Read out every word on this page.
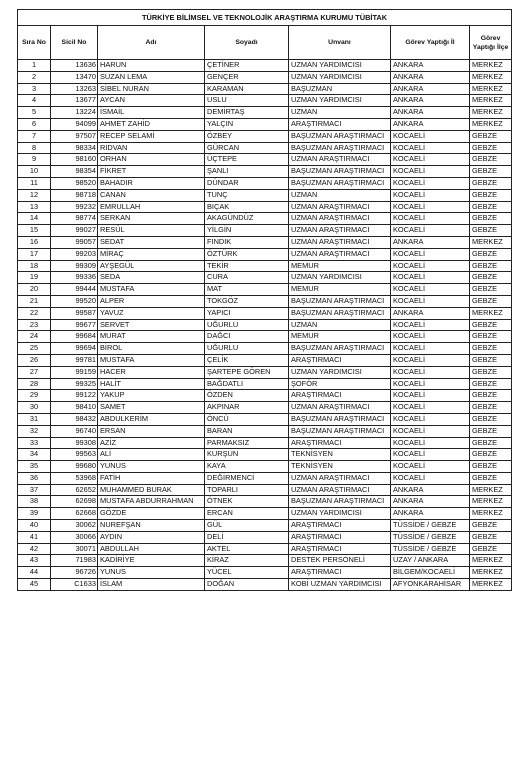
TÜRKİYE BİLİMSEL VE TEKNOLOJİK ARAŞTIRMA KURUMU TÜBİTAK						
Sıra No	Sicil No	Adı	Soyadı	Unvanı	Görev Yaptığı İl	Görev Yaptığı İlçe
1	13636	HARUN	ÇETİNER	UZMAN YARDIMCISI	ANKARA	MERKEZ
2	13470	SUZAN LEMA	GENÇER	UZMAN YARDIMCISI	ANKARA	MERKEZ
3	13263	SİBEL NURAN	KARAMAN	BAŞUZMAN	ANKARA	MERKEZ
4	13677	AYCAN	USLU	UZMAN YARDIMCISI	ANKARA	MERKEZ
5	13224	İSMAİL	DEMİRTAŞ	UZMAN	ANKARA	MERKEZ
6	94099	AHMET ZAHİD	YALÇIN	ARAŞTIRMACI	ANKARA	MERKEZ
7	97507	RECEP SELAMİ	ÖZBEY	BAŞUZMAN ARAŞTIRMACI	KOCAELİ	GEBZE
8	98334	RIDVAN	GÜRCAN	BAŞUZMAN ARAŞTIRMACI	KOCAELİ	GEBZE
9	98160	ORHAN	ÜÇTEPE	UZMAN ARAŞTIRMACI	KOCAELİ	GEBZE
10	98354	FİKRET	ŞANLI	BAŞUZMAN ARAŞTIRMACI	KOCAELİ	GEBZE
11	98520	BAHADIR	DÜNDAR	BAŞUZMAN ARAŞTIRMACI	KOCAELİ	GEBZE
12	98718	CANAN	TUNÇ	UZMAN	KOCAELİ	GEBZE
13	99232	EMRULLAH	BIÇAK	UZMAN ARAŞTIRMACI	KOCAELİ	GEBZE
14	98774	SERKAN	AKAGÜNDÜZ	UZMAN ARAŞTIRMACI	KOCAELİ	GEBZE
15	99027	RESÜL	YİLGİN	UZMAN ARAŞTIRMACI	KOCAELİ	GEBZE
16	99057	SEDAT	FINDIK	UZMAN ARAŞTIRMACI	ANKARA	MERKEZ
17	99203	MİRAÇ	ÖZTÜRK	UZMAN ARAŞTIRMACI	KOCAELİ	GEBZE
18	99309	AYŞEGÜL	TEKİR	MEMUR	KOCAELİ	GEBZE
19	99336	SEDA	CURA	UZMAN YARDIMCISI	KOCAELİ	GEBZE
20	99444	MUSTAFA	MAT	MEMUR	KOCAELİ	GEBZE
21	99520	ALPER	TOKGÖZ	BAŞUZMAN ARAŞTIRMACI	KOCAELİ	GEBZE
22	99587	YAVUZ	YAPICI	BAŞUZMAN ARAŞTIRMACI	ANKARA	MERKEZ
23	99677	SERVET	UĞURLU	UZMAN	KOCAELİ	GEBZE
24	99684	MURAT	DAĞCI	MEMUR	KOCAELİ	GEBZE
25	99694	BİROL	UĞURLU	BAŞUZMAN ARAŞTIRMACI	KOCAELİ	GEBZE
26	99781	MUSTAFA	ÇELİK	ARAŞTIRMACI	KOCAELİ	GEBZE
27	99159	HACER	ŞARTEPE GÖREN	UZMAN YARDIMCISI	KOCAELİ	GEBZE
28	99325	HALİT	BAĞDATLI	ŞOFÖR	KOCAELİ	GEBZE
29	99122	YAKUP	ÖZDEN	ARAŞTIRMACI	KOCAELİ	GEBZE
30	98410	SAMET	AKPINAR	UZMAN ARAŞTIRMACI	KOCAELİ	GEBZE
31	98432	ABDULKERİM	ÖNCÜ	BAŞUZMAN ARAŞTIRMACI	KOCAELİ	GEBZE
32	96740	ERSAN	BARAN	BAŞUZMAN ARAŞTIRMACI	KOCAELİ	GEBZE
33	99308	AZİZ	PARMAKSIZ	ARAŞTIRMACI	KOCAELİ	GEBZE
34	99563	ALİ	KURŞUN	TEKNİSYEN	KOCAELİ	GEBZE
35	99680	YUNUS	KAYA	TEKNİSYEN	KOCAELİ	GEBZE
36	53968	FATİH	DEĞİRMENCİ	UZMAN ARAŞTIRMACI	KOCAELİ	GEBZE
37	62652	MUHAMMED BURAK	TOPARLI	UZMAN ARAŞTIRMACI	ANKARA	MERKEZ
38	62698	MUSTAFA ABDURRAHMAN	ÖTNEK	BAŞUZMAN ARAŞTIRMACI	ANKARA	MERKEZ
39	62668	GÖZDE	ERCAN	UZMAN YARDIMCISI	ANKARA	MERKEZ
40	30062	NUREFŞAN	GÜL	ARAŞTIRMACI	TÜSSİDE / GEBZE	GEBZE
41	30066	AYDIN	DELİ	ARAŞTIRMACI	TÜSSİDE / GEBZE	GEBZE
42	30071	ABDULLAH	AKTEL	ARAŞTIRMACI	TÜSSİDE / GEBZE	GEBZE
43	71983	KADİRİYE	KİRAZ	DESTEK PERSONELİ	UZAY / ANKARA	MERKEZ
44	96726	YUNUS	YÜCEL	ARAŞTIRMACI	BİLGEM/KOCAELİ	MERKEZ
45	C1633	İSLAM	DOĞAN	KOBİ UZMAN YARDIMCISI	AFYONKARAHİSAR	MERKEZ
